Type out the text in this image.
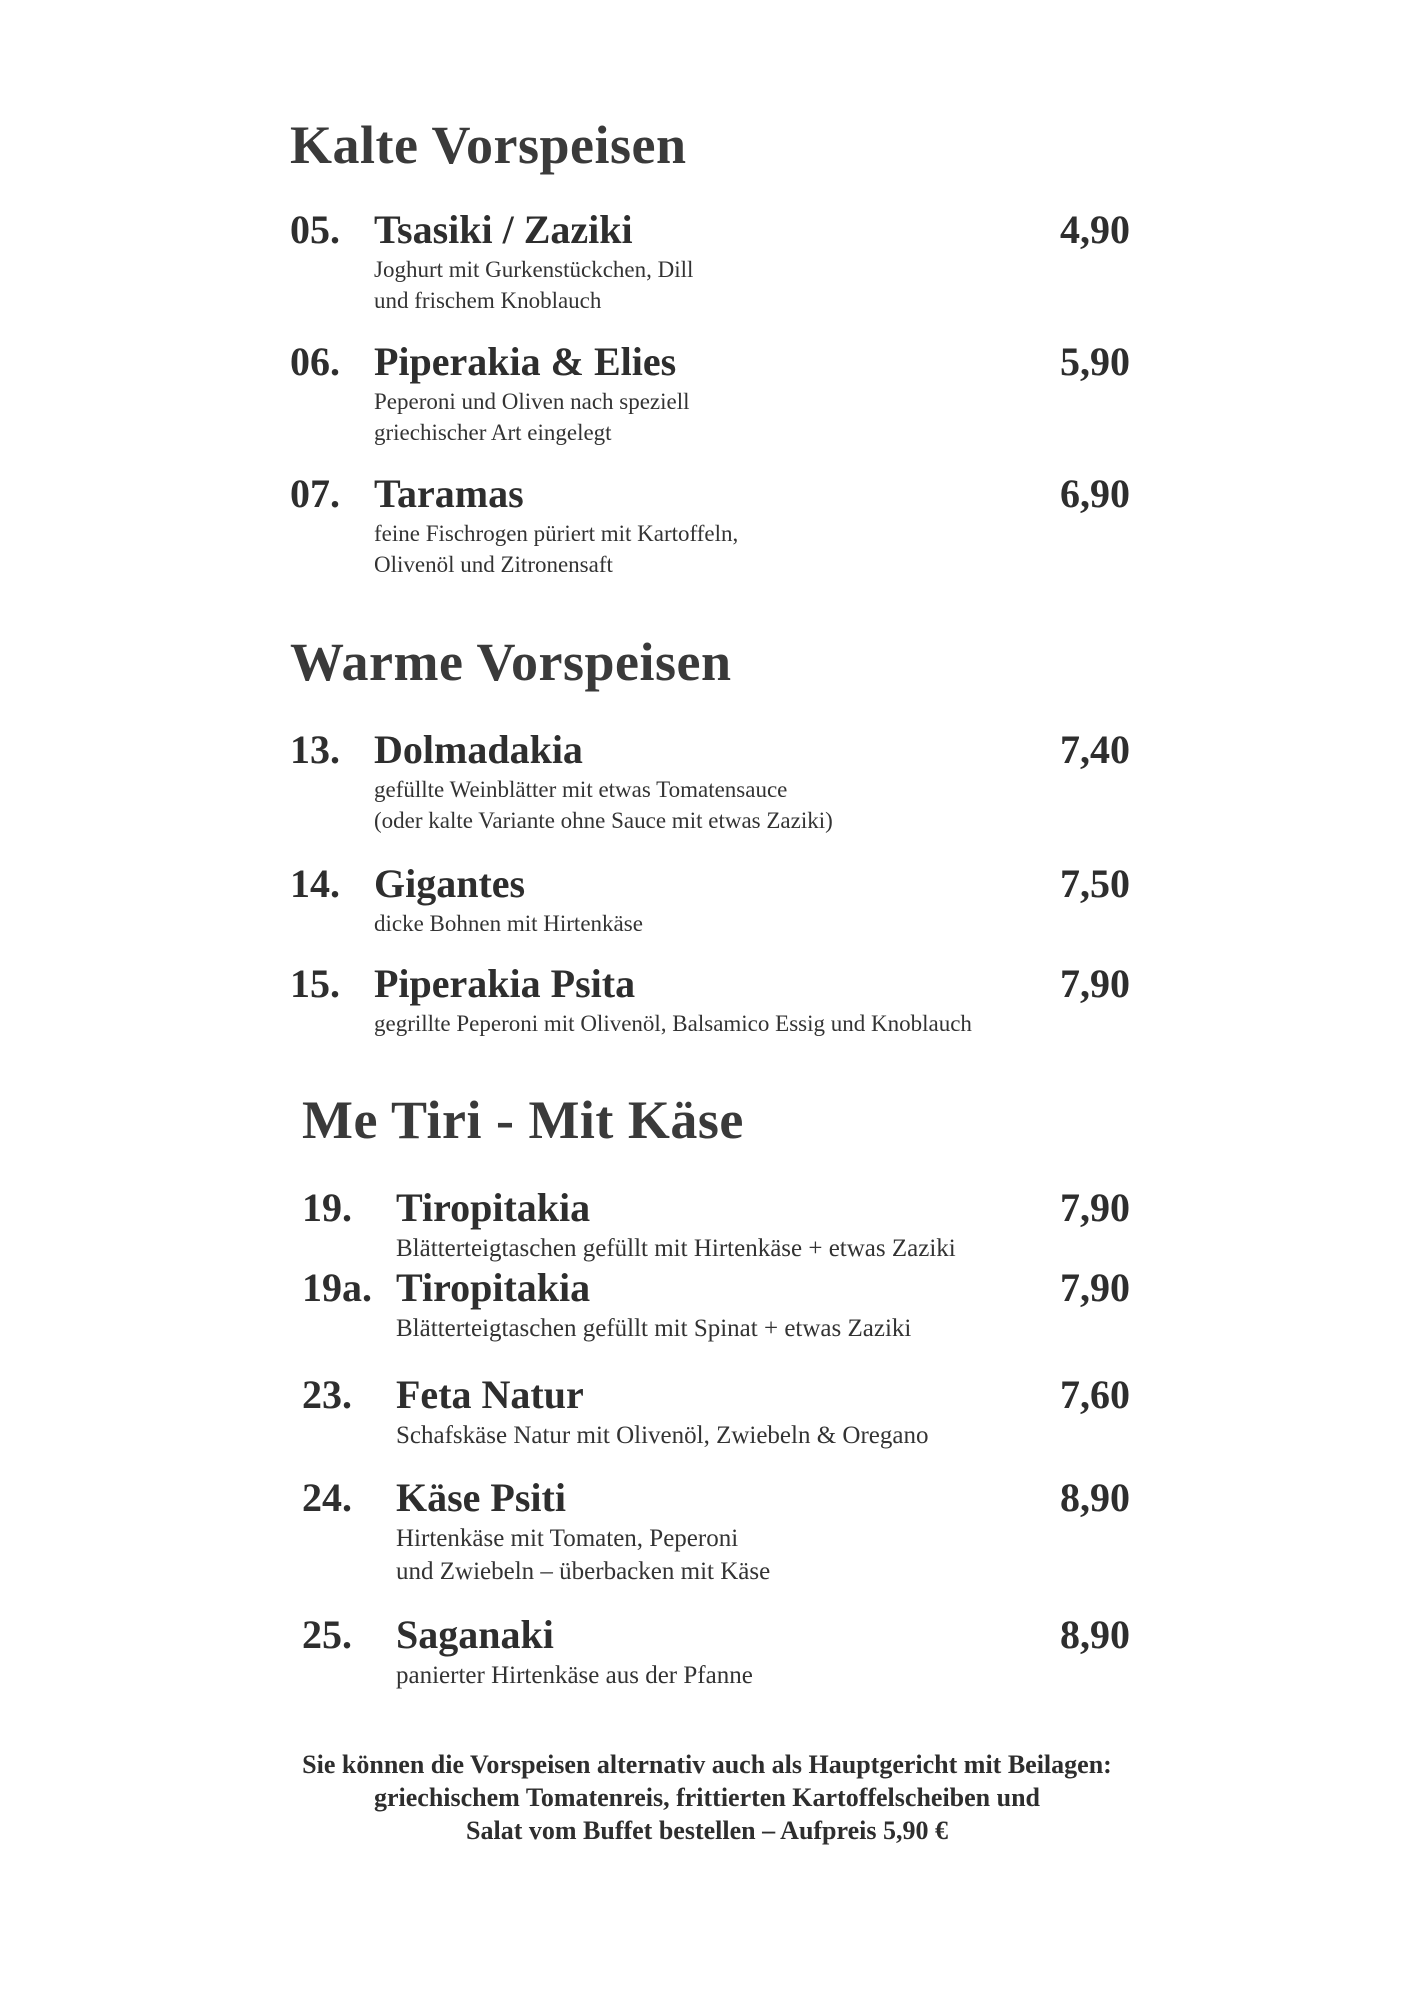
Kalte Vorspeisen
05. Tsasiki / Zaziki	4,90
Joghurt mit Gurkenstückchen, Dill
und frischem Knoblauch
06. Piperakia & Elies	5,90
Peperoni und Oliven nach speziell
griechischer Art eingelegt
07. Taramas	6,90
feine Fischrogen püriert mit Kartoffeln,
Olivenöl und Zitronensaft
Warme Vorspeisen
13. Dolmadakia	7,40
gefüllte Weinblätter mit etwas Tomatensauce
(oder kalte Variante ohne Sauce mit etwas Zaziki)
14. Gigantes	7,50
dicke Bohnen mit Hirtenkäse
15. Piperakia Psita	7,90
gegrillte Peperoni mit Olivenöl, Balsamico Essig und Knoblauch
Me Tiri - Mit Käse
19. Tiropitakia	7,90
Blätterteigtaschen gefüllt mit Hirtenkäse + etwas Zaziki
19a. Tiropitakia	7,90
Blätterteigtaschen gefüllt mit Spinat + etwas Zaziki
23. Feta Natur	7,60
Schafskäse Natur mit Olivenöl, Zwiebeln & Oregano
24. Käse Psiti	8,90
Hirtenkäse mit Tomaten, Peperoni
und Zwiebeln – überbacken mit Käse
25. Saganaki	8,90
panierter Hirtenkäse aus der Pfanne
Sie können die Vorspeisen alternativ auch als Hauptgericht mit Beilagen:
griechischem Tomatenreis, frittierten Kartoffelscheiben und
Salat vom Buffet bestellen – Aufpreis 5,90 €
